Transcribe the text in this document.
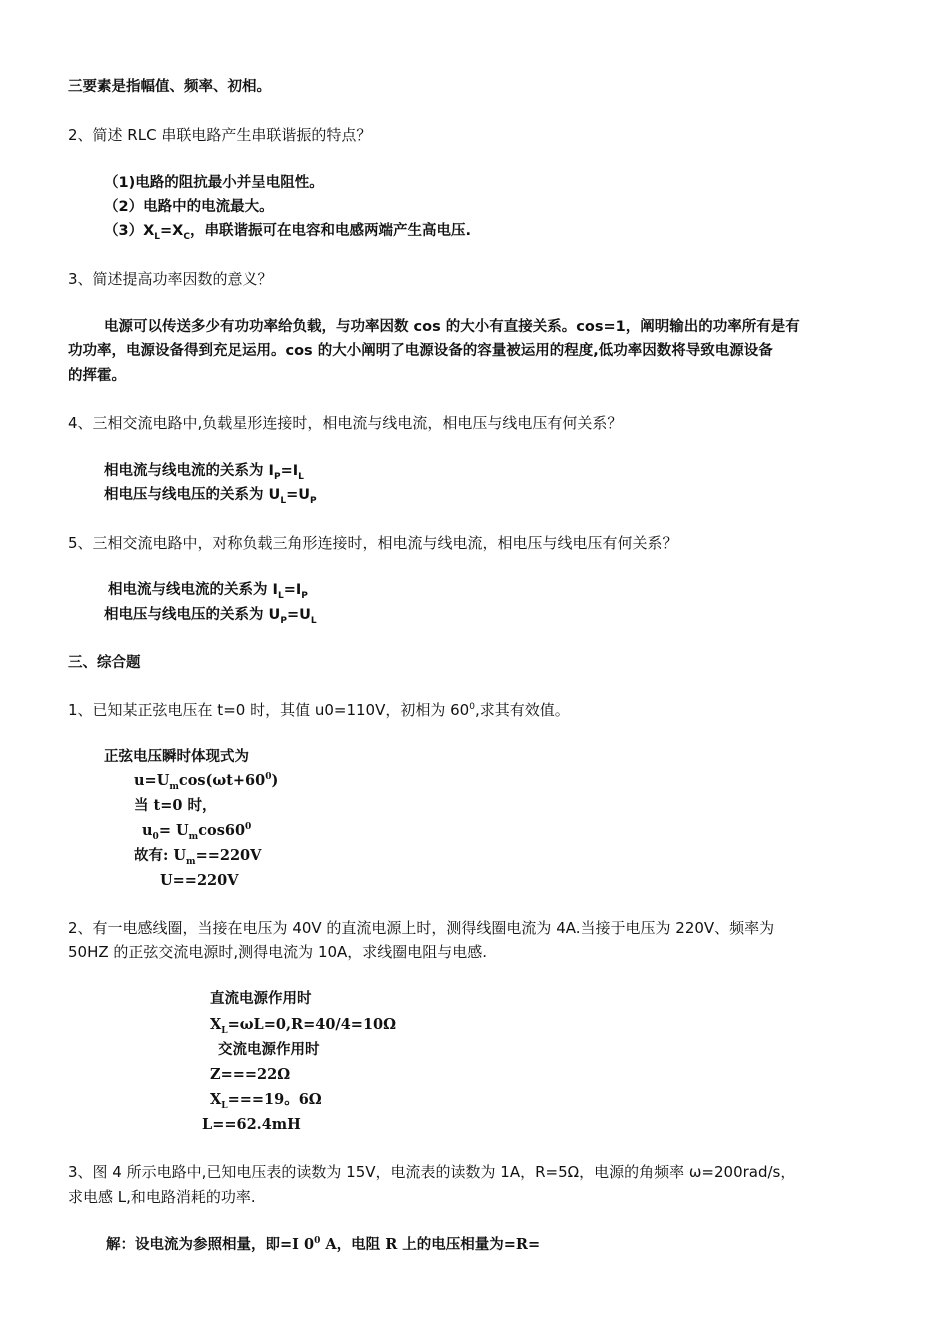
三要素是指幅值、频率、初相。
2、简述 RLC 串联电路产生串联谐振的特点？
（1)电路的阻抗最小并呈电阻性。
（2）电路中的电流最大。
$(3)X_L=X_C$，串联谐振可在电容和电感两端产生高电压.
3、简述提高功率因数的意义？
电源可以传送多少有功功率给负载，与功率因数 cos 的大小有直接关系。cos=1，阐明输出的功率所有是有
功功率，电源设备得到充足运用。cos 的大小阐明了电源设备的容量被运用的程度,低功率因数将导致电源设备
的挥霍。
4、三相交流电路中,负载星形连接时，相电流与线电流，相电压与线电压有何关系？
相电流与线电流的关系为 $I_P=I_L$
相电压与线电压的关系为 $U_L=U_P$
5、三相交流电路中，对称负载三角形连接时，相电流与线电流，相电压与线电压有何关系？
相电流与线电流的关系为 $I_L=I_P$
相电压与线电压的关系为 $U_P=U_L$
三、综合题
1、已知某正弦电压在 t=0 时，其值 u0=110V，初相为 $60^0$,求其有效值。
正弦电压瞬时体现式为
$u=U_m\cos(\omega t+60^0)$
当 t=0 时，
$u_0= U_m\cos 60^0$
故有: $U_m==220V$
U==220V
2、有一电感线圈，当接在电压为 40V 的直流电源上时，测得线圈电流为 4A.当接于电压为 220V、频率为
50HZ 的正弦交流电源时,测得电流为 10A，求线圈电阻与电感.
直流电源作用时
$X_L=\omega L=0,R=40/4=10\Omega$
交流电源作用时
Z===22Ω
$X_L===19$。6Ω
L==62.4mH
3、图 4 所示电路中,已知电压表的读数为 15V，电流表的读数为 1A，R=5Ω，电源的角频率 ω=200rad/s，
求电感 L,和电路消耗的功率.
解：设电流为参照相量，即=I $0^0$ A，电阻 R 上的电压相量为=R=
